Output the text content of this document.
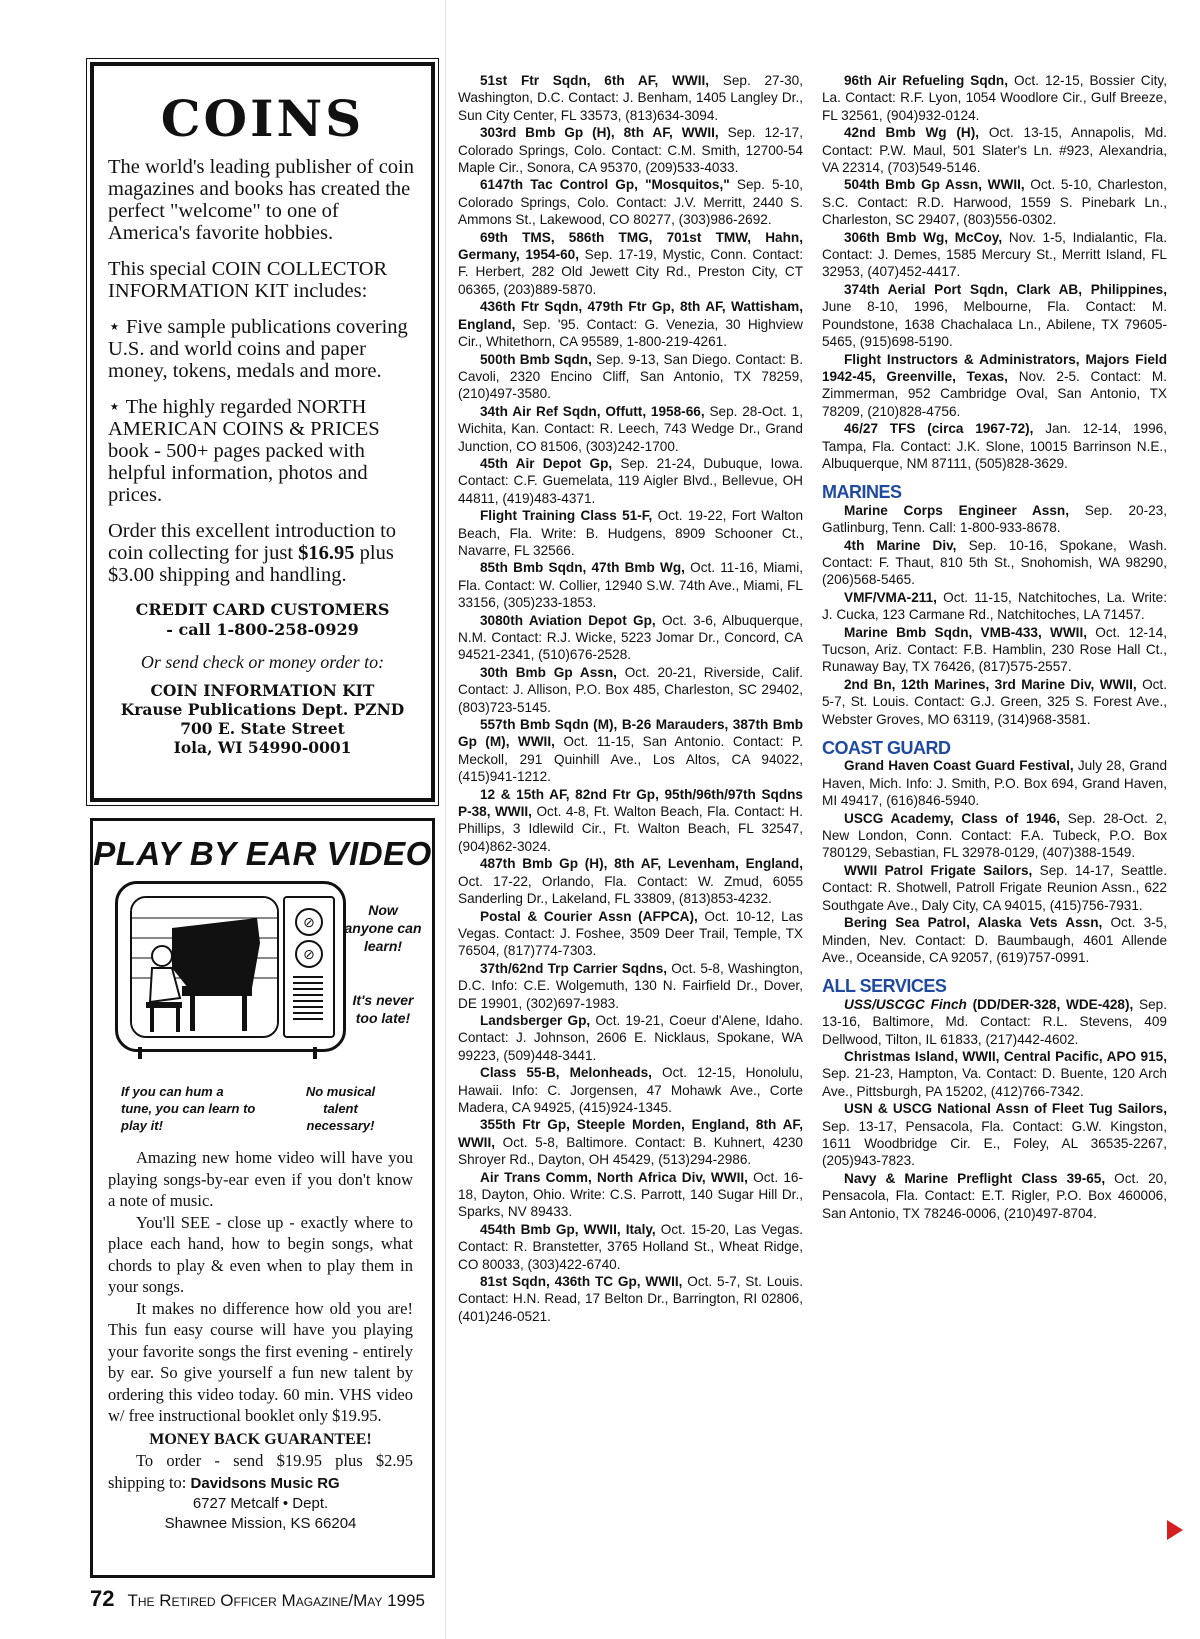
COINS

The world's leading publisher of coin magazines and books has created the perfect "welcome" to one of America's favorite hobbies.

This special COIN COLLECTOR INFORMATION KIT includes:

⋆ Five sample publications covering U.S. and world coins and paper money, tokens, medals and more.

⋆ The highly regarded NORTH AMERICAN COINS & PRICES book - 500+ pages packed with helpful information, photos and prices.

Order this excellent introduction to coin collecting for just $16.95 plus $3.00 shipping and handling.

CREDIT CARD CUSTOMERS
- call 1-800-258-0929
Or send check or money order to:
COIN INFORMATION KIT
Krause Publications Dept. PZND
700 E. State Street
Iola, WI 54990-0001
PLAY BY EAR VIDEO
⊘
⊘
Now anyone can learn!
It's never too late!
If you can hum a tune, you can learn to play it!
No musical talent necessary!

Amazing new home video will have you playing songs-by-ear even if you don't know a note of music.

You'll SEE - close up - exactly where to place each hand, how to begin songs, what chords to play & even when to play them in your songs.

It makes no difference how old you are! This fun easy course will have you playing your favorite songs the first evening - entirely by ear. So give yourself a fun new talent by ordering this video today. 60 min. VHS video w/ free instructional booklet only $19.95.

MONEY BACK GUARANTEE!

To order - send $19.95 plus $2.95 shipping to: Davidsons Music RG

6727 Metcalf • Dept.

Shawnee Mission, KS 66204

51st Ftr Sqdn, 6th AF, WWII, Sep. 27-30, Washington, D.C. Contact: J. Benham, 1405 Langley Dr., Sun City Center, FL 33573, (813)634-3094.

303rd Bmb Gp (H), 8th AF, WWII, Sep. 12-17, Colorado Springs, Colo. Contact: C.M. Smith, 12700-54 Maple Cir., Sonora, CA 95370, (209)533-4033.

6147th Tac Control Gp, "Mosquitos," Sep. 5-10, Colorado Springs, Colo. Contact: J.V. Merritt, 2440 S. Ammons St., Lakewood, CO 80277, (303)986-2692.

69th TMS, 586th TMG, 701st TMW, Hahn, Germany, 1954-60, Sep. 17-19, Mystic, Conn. Contact: F. Herbert, 282 Old Jewett City Rd., Preston City, CT 06365, (203)889-5870.

436th Ftr Sqdn, 479th Ftr Gp, 8th AF, Wattisham, England, Sep. '95. Contact: G. Venezia, 30 Highview Cir., Whitethorn, CA 95589, 1-800-219-4261.

500th Bmb Sqdn, Sep. 9-13, San Diego. Contact: B. Cavoli, 2320 Encino Cliff, San Antonio, TX 78259, (210)497-3580.

34th Air Ref Sqdn, Offutt, 1958-66, Sep. 28-Oct. 1, Wichita, Kan. Contact: R. Leech, 743 Wedge Dr., Grand Junction, CO 81506, (303)242-1700.

45th Air Depot Gp, Sep. 21-24, Dubuque, Iowa. Contact: C.F. Guemelata, 119 Aigler Blvd., Bellevue, OH 44811, (419)483-4371.

Flight Training Class 51-F, Oct. 19-22, Fort Walton Beach, Fla. Write: B. Hudgens, 8909 Schooner Ct., Navarre, FL 32566.

85th Bmb Sqdn, 47th Bmb Wg, Oct. 11-16, Miami, Fla. Contact: W. Collier, 12940 S.W. 74th Ave., Miami, FL 33156, (305)233-1853.

3080th Aviation Depot Gp, Oct. 3-6, Albuquerque, N.M. Contact: R.J. Wicke, 5223 Jomar Dr., Concord, CA 94521-2341, (510)676-2528.

30th Bmb Gp Assn, Oct. 20-21, Riverside, Calif. Contact: J. Allison, P.O. Box 485, Charleston, SC 29402, (803)723-5145.

557th Bmb Sqdn (M), B-26 Marauders, 387th Bmb Gp (M), WWII, Oct. 11-15, San Antonio. Contact: P. Meckoll, 291 Quinhill Ave., Los Altos, CA 94022, (415)941-1212.

12 & 15th AF, 82nd Ftr Gp, 95th/96th/97th Sqdns P-38, WWII, Oct. 4-8, Ft. Walton Beach, Fla. Contact: H. Phillips, 3 Idlewild Cir., Ft. Walton Beach, FL 32547, (904)862-3024.

487th Bmb Gp (H), 8th AF, Levenham, England, Oct. 17-22, Orlando, Fla. Contact: W. Zmud, 6055 Sanderling Dr., Lakeland, FL 33809, (813)853-4232.

Postal & Courier Assn (AFPCA), Oct. 10-12, Las Vegas. Contact: J. Foshee, 3509 Deer Trail, Temple, TX 76504, (817)774-7303.

37th/62nd Trp Carrier Sqdns, Oct. 5-8, Washington, D.C. Info: C.E. Wolgemuth, 130 N. Fairfield Dr., Dover, DE 19901, (302)697-1983.

Landsberger Gp, Oct. 19-21, Coeur d'Alene, Idaho. Contact: J. Johnson, 2606 E. Nicklaus, Spokane, WA 99223, (509)448-3441.

Class 55-B, Melonheads, Oct. 12-15, Honolulu, Hawaii. Info: C. Jorgensen, 47 Mohawk Ave., Corte Madera, CA 94925, (415)924-1345.

355th Ftr Gp, Steeple Morden, England, 8th AF, WWII, Oct. 5-8, Baltimore. Contact: B. Kuhnert, 4230 Shroyer Rd., Dayton, OH 45429, (513)294-2986.

Air Trans Comm, North Africa Div, WWII, Oct. 16-18, Dayton, Ohio. Write: C.S. Parrott, 140 Sugar Hill Dr., Sparks, NV 89433.

454th Bmb Gp, WWII, Italy, Oct. 15-20, Las Vegas. Contact: R. Branstetter, 3765 Holland St., Wheat Ridge, CO 80033, (303)422-6740.

81st Sqdn, 436th TC Gp, WWII, Oct. 5-7, St. Louis. Contact: H.N. Read, 17 Belton Dr., Barrington, RI 02806, (401)246-0521.

96th Air Refueling Sqdn, Oct. 12-15, Bossier City, La. Contact: R.F. Lyon, 1054 Woodlore Cir., Gulf Breeze, FL 32561, (904)932-0124.

42nd Bmb Wg (H), Oct. 13-15, Annapolis, Md. Contact: P.W. Maul, 501 Slater's Ln. #923, Alexandria, VA 22314, (703)549-5146.

504th Bmb Gp Assn, WWII, Oct. 5-10, Charleston, S.C. Contact: R.D. Harwood, 1559 S. Pinebark Ln., Charleston, SC 29407, (803)556-0302.

306th Bmb Wg, McCoy, Nov. 1-5, Indialantic, Fla. Contact: J. Demes, 1585 Mercury St., Merritt Island, FL 32953, (407)452-4417.

374th Aerial Port Sqdn, Clark AB, Philippines, June 8-10, 1996, Melbourne, Fla. Contact: M. Poundstone, 1638 Chachalaca Ln., Abilene, TX 79605-5465, (915)698-5190.

Flight Instructors & Administrators, Majors Field 1942-45, Greenville, Texas, Nov. 2-5. Contact: M. Zimmerman, 952 Cambridge Oval, San Antonio, TX 78209, (210)828-4756.

46/27 TFS (circa 1967-72), Jan. 12-14, 1996, Tampa, Fla. Contact: J.K. Slone, 10015 Barrinson N.E., Albuquerque, NM 87111, (505)828-3629.

MARINES

Marine Corps Engineer Assn, Sep. 20-23, Gatlinburg, Tenn. Call: 1-800-933-8678.

4th Marine Div, Sep. 10-16, Spokane, Wash. Contact: F. Thaut, 810 5th St., Snohomish, WA 98290, (206)568-5465.

VMF/VMA-211, Oct. 11-15, Natchitoches, La. Write: J. Cucka, 123 Carmane Rd., Natchitoches, LA 71457.

Marine Bmb Sqdn, VMB-433, WWII, Oct. 12-14, Tucson, Ariz. Contact: F.B. Hamblin, 230 Rose Hall Ct., Runaway Bay, TX 76426, (817)575-2557.

2nd Bn, 12th Marines, 3rd Marine Div, WWII, Oct. 5-7, St. Louis. Contact: G.J. Green, 325 S. Forest Ave., Webster Groves, MO 63119, (314)968-3581.

COAST GUARD

Grand Haven Coast Guard Festival, July 28, Grand Haven, Mich. Info: J. Smith, P.O. Box 694, Grand Haven, MI 49417, (616)846-5940.

USCG Academy, Class of 1946, Sep. 28-Oct. 2, New London, Conn. Contact: F.A. Tubeck, P.O. Box 780129, Sebastian, FL 32978-0129, (407)388-1549.

WWII Patrol Frigate Sailors, Sep. 14-17, Seattle. Contact: R. Shotwell, Patroll Frigate Reunion Assn., 622 Southgate Ave., Daly City, CA 94015, (415)756-7931.

Bering Sea Patrol, Alaska Vets Assn, Oct. 3-5, Minden, Nev. Contact: D. Baumbaugh, 4601 Allende Ave., Oceanside, CA 92057, (619)757-0991.

ALL SERVICES

USS/USCGC Finch (DD/DER-328, WDE-428), Sep. 13-16, Baltimore, Md. Contact: R.L. Stevens, 409 Dellwood, Tilton, IL 61833, (217)442-4602.

Christmas Island, WWII, Central Pacific, APO 915, Sep. 21-23, Hampton, Va. Contact: D. Buente, 120 Arch Ave., Pittsburgh, PA 15202, (412)766-7342.

USN & USCG National Assn of Fleet Tug Sailors, Sep. 13-17, Pensacola, Fla. Contact: G.W. Kingston, 1611 Woodbridge Cir. E., Foley, AL 36535-2267, (205)943-7823.

Navy & Marine Preflight Class 39-65, Oct. 20, Pensacola, Fla. Contact: E.T. Rigler, P.O. Box 460006, San Antonio, TX 78246-0006, (210)497-8704.

72 The Retired Officer Magazine/May 1995
